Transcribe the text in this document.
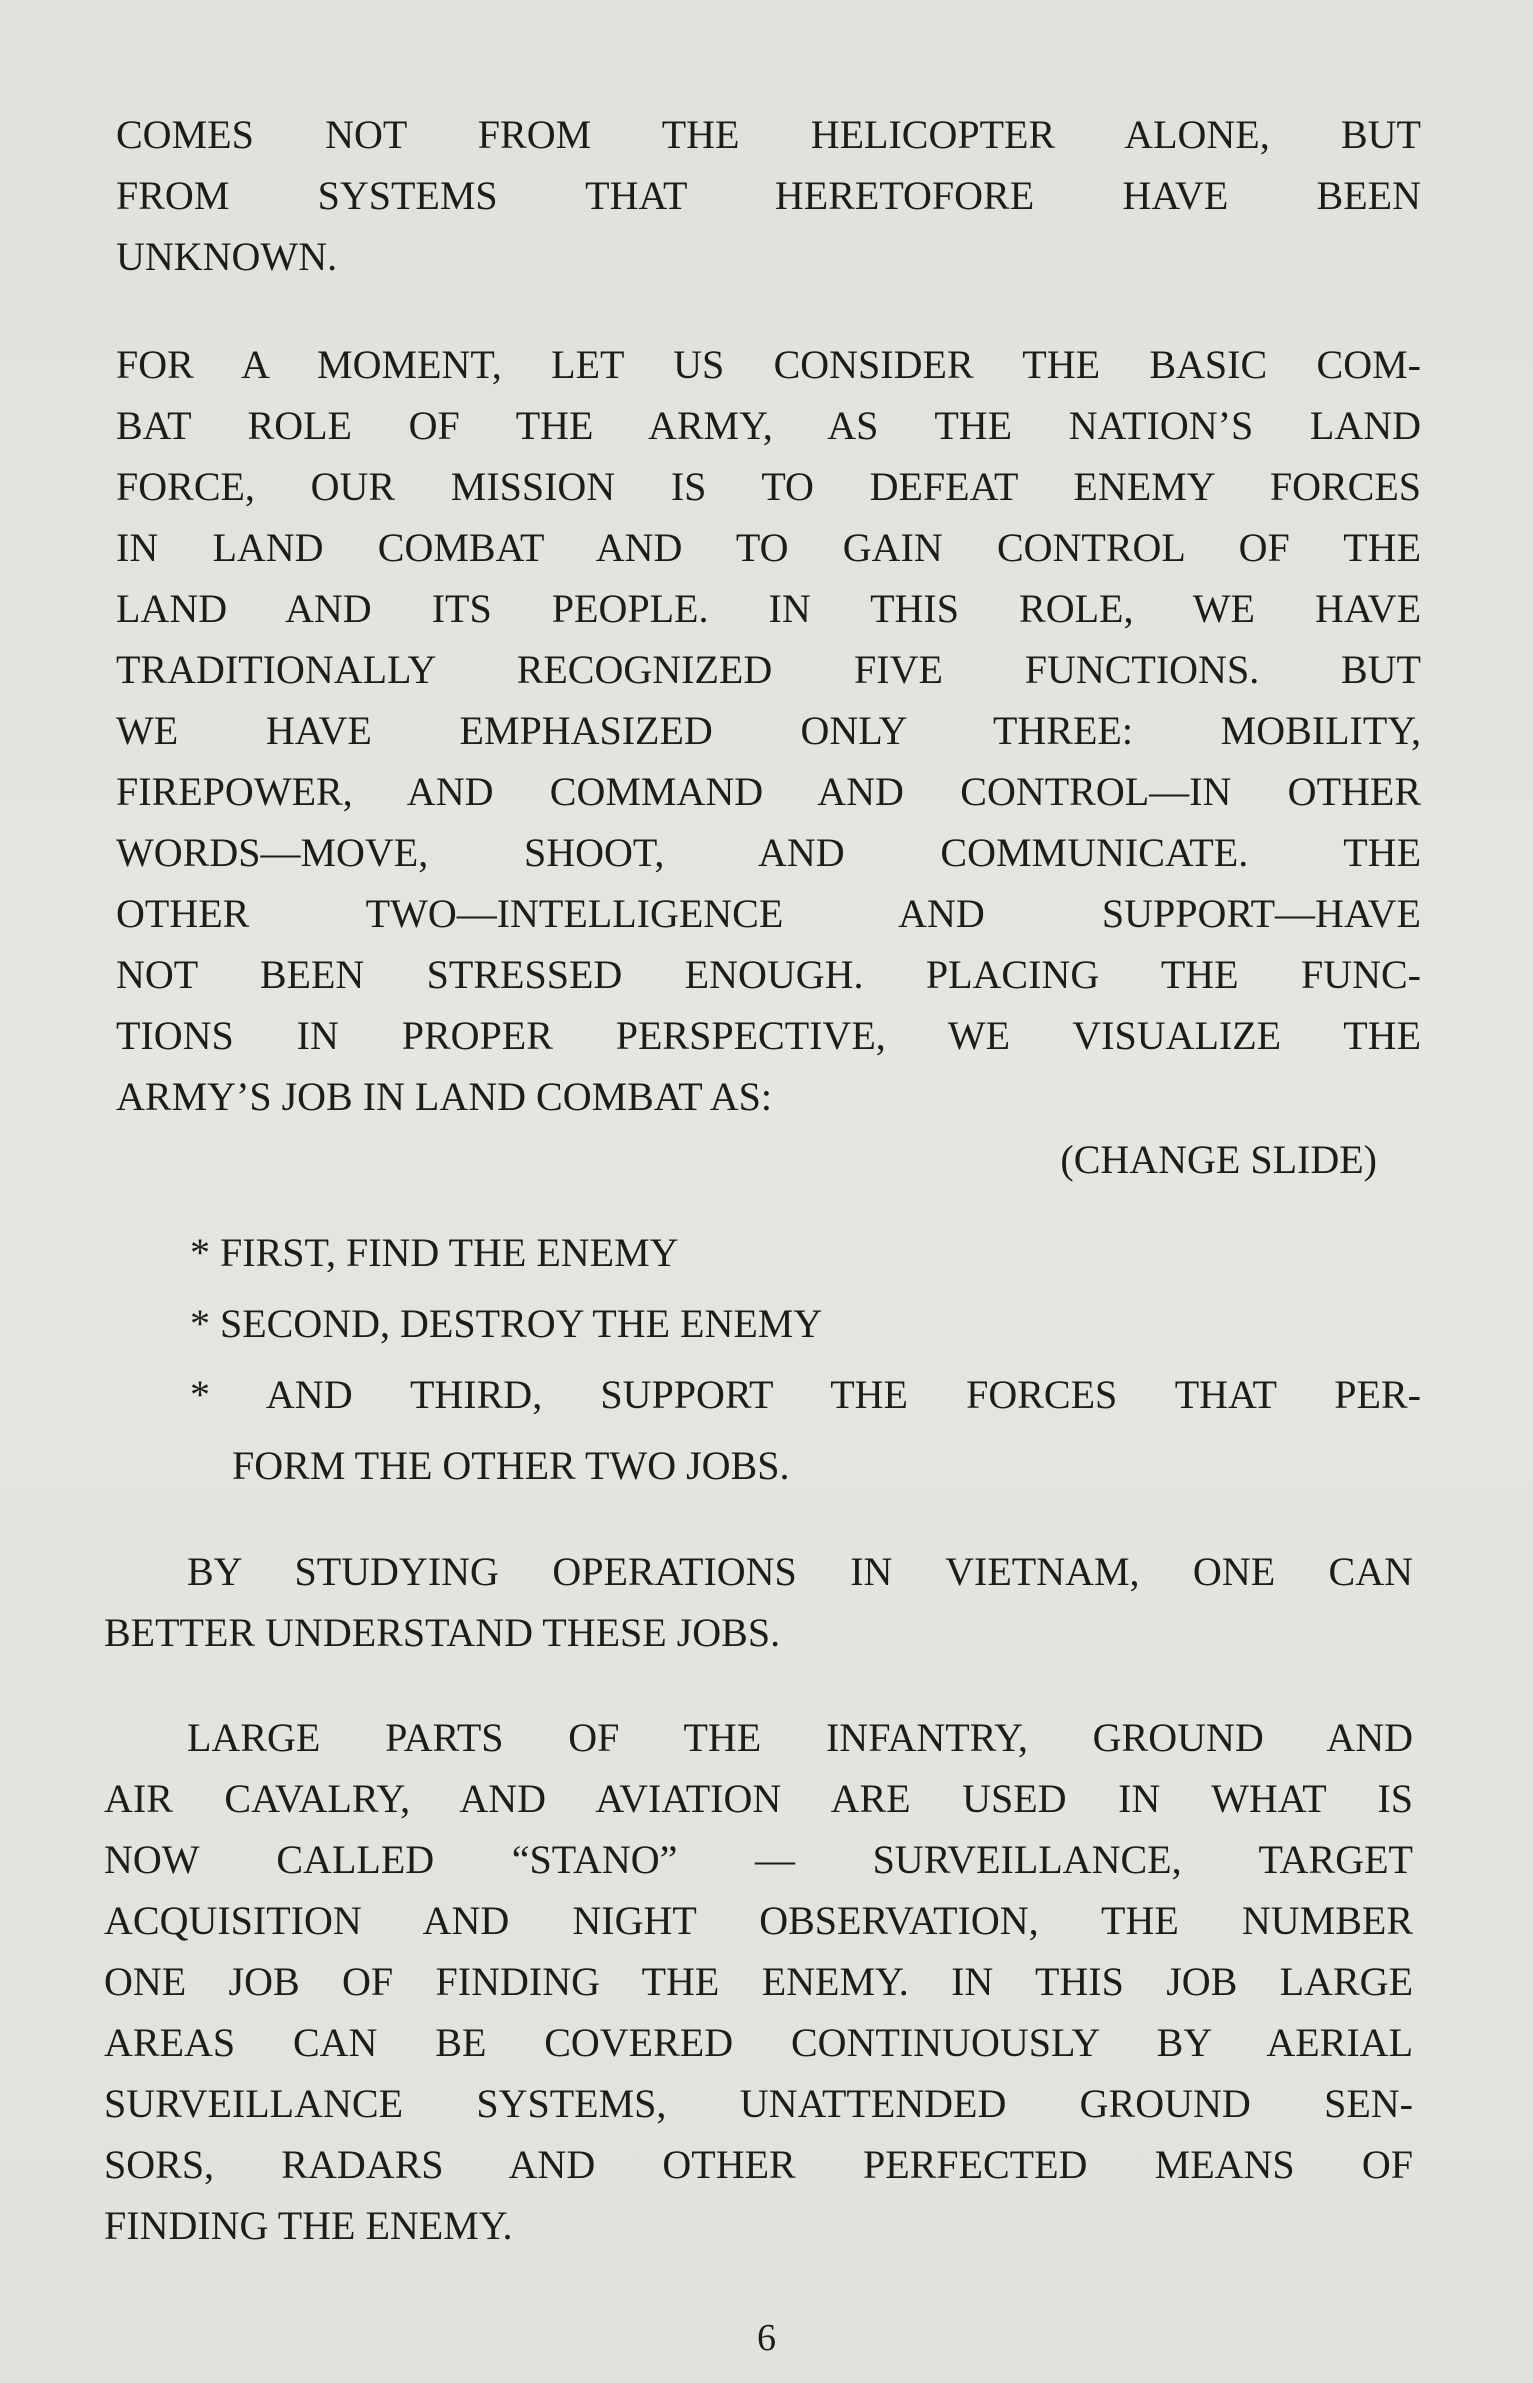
COMES NOT FROM THE HELICOPTER ALONE, BUT
FROM SYSTEMS THAT HERETOFORE HAVE BEEN
UNKNOWN.
FOR A MOMENT, LET US CONSIDER THE BASIC COM-
BAT ROLE OF THE ARMY, AS THE NATION’S LAND
FORCE, OUR MISSION IS TO DEFEAT ENEMY FORCES
IN LAND COMBAT AND TO GAIN CONTROL OF THE
LAND AND ITS PEOPLE. IN THIS ROLE, WE HAVE
TRADITIONALLY RECOGNIZED FIVE FUNCTIONS. BUT
WE HAVE EMPHASIZED ONLY THREE: MOBILITY,
FIREPOWER, AND COMMAND AND CONTROL—IN OTHER
WORDS—MOVE, SHOOT, AND COMMUNICATE. THE
OTHER TWO—INTELLIGENCE AND SUPPORT—HAVE
NOT BEEN STRESSED ENOUGH. PLACING THE FUNC-
TIONS IN PROPER PERSPECTIVE, WE VISUALIZE THE
ARMY’S JOB IN LAND COMBAT AS:
(CHANGE SLIDE)
* FIRST, FIND THE ENEMY
* SECOND, DESTROY THE ENEMY
* AND THIRD, SUPPORT THE FORCES THAT PER-
FORM THE OTHER TWO JOBS.
BY STUDYING OPERATIONS IN VIETNAM, ONE CAN
BETTER UNDERSTAND THESE JOBS.
LARGE PARTS OF THE INFANTRY, GROUND AND
AIR CAVALRY, AND AVIATION ARE USED IN WHAT IS
NOW CALLED “STANO” — SURVEILLANCE, TARGET
ACQUISITION AND NIGHT OBSERVATION, THE NUMBER
ONE JOB OF FINDING THE ENEMY. IN THIS JOB LARGE
AREAS CAN BE COVERED CONTINUOUSLY BY AERIAL
SURVEILLANCE SYSTEMS, UNATTENDED GROUND SEN-
SORS, RADARS AND OTHER PERFECTED MEANS OF
FINDING THE ENEMY.
6
